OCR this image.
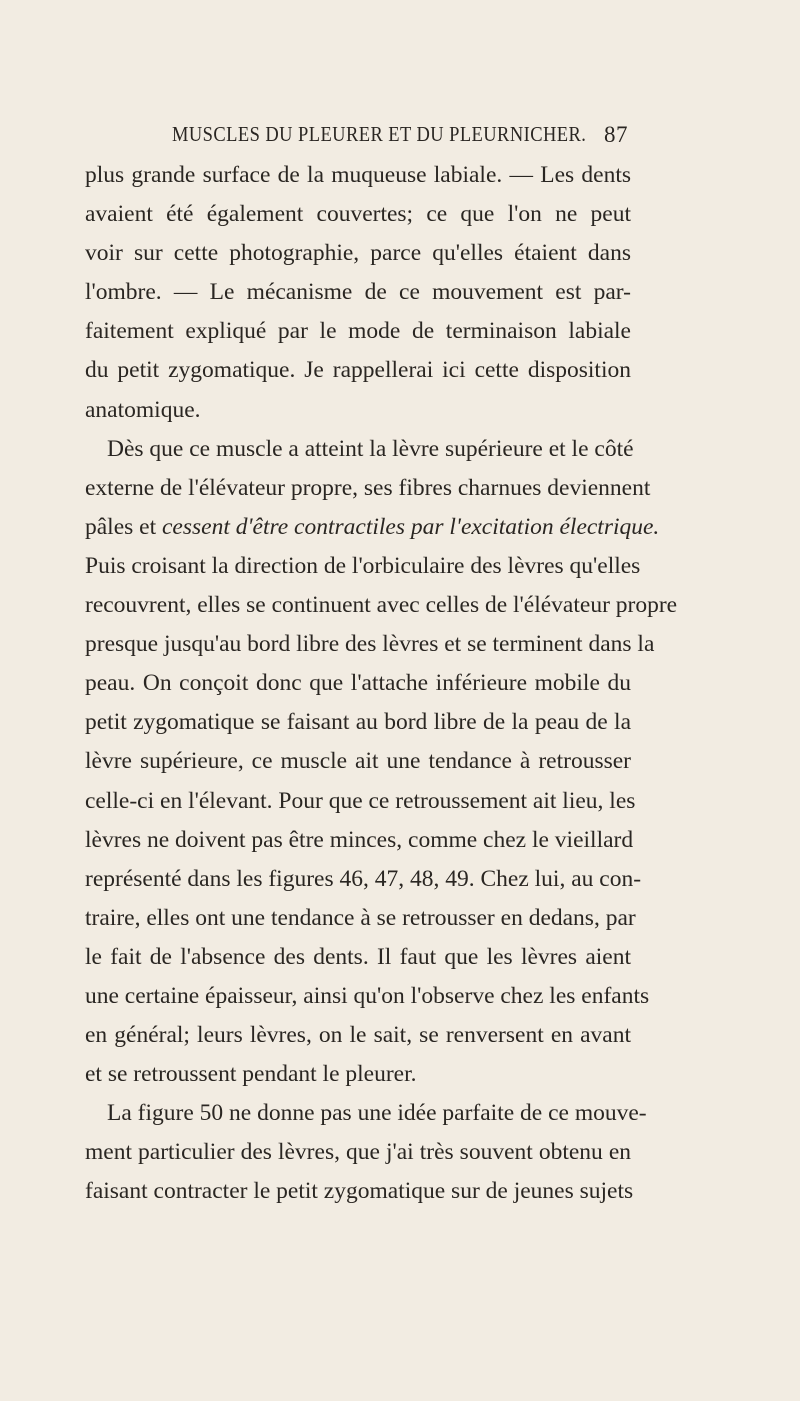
MUSCLES DU PLEURER ET DU PLEURNICHER. 87
plus grande surface de la muqueuse labiale. — Les dents
avaient été également couvertes; ce que l'on ne peut
voir sur cette photographie, parce qu'elles étaient dans
l'ombre. — Le mécanisme de ce mouvement est par-
faitement expliqué par le mode de terminaison labiale
du petit zygomatique. Je rappellerai ici cette disposition
anatomique.
Dès que ce muscle a atteint la lèvre supérieure et le côté
externe de l'élévateur propre, ses fibres charnues deviennent
pâles et cessent d'être contractiles par l'excitation électrique.
Puis croisant la direction de l'orbiculaire des lèvres qu'elles
recouvrent, elles se continuent avec celles de l'élévateur propre
presque jusqu'au bord libre des lèvres et se terminent dans la
peau. On conçoit donc que l'attache inférieure mobile du
petit zygomatique se faisant au bord libre de la peau de la
lèvre supérieure, ce muscle ait une tendance à retrousser
celle-ci en l'élevant. Pour que ce retroussement ait lieu, les
lèvres ne doivent pas être minces, comme chez le vieillard
représenté dans les figures 46, 47, 48, 49. Chez lui, au con-
traire, elles ont une tendance à se retrousser en dedans, par
le fait de l'absence des dents. Il faut que les lèvres aient
une certaine épaisseur, ainsi qu'on l'observe chez les enfants
en général; leurs lèvres, on le sait, se renversent en avant
et se retroussent pendant le pleurer.
La figure 50 ne donne pas une idée parfaite de ce mouve-
ment particulier des lèvres, que j'ai très souvent obtenu en
faisant contracter le petit zygomatique sur de jeunes sujets
